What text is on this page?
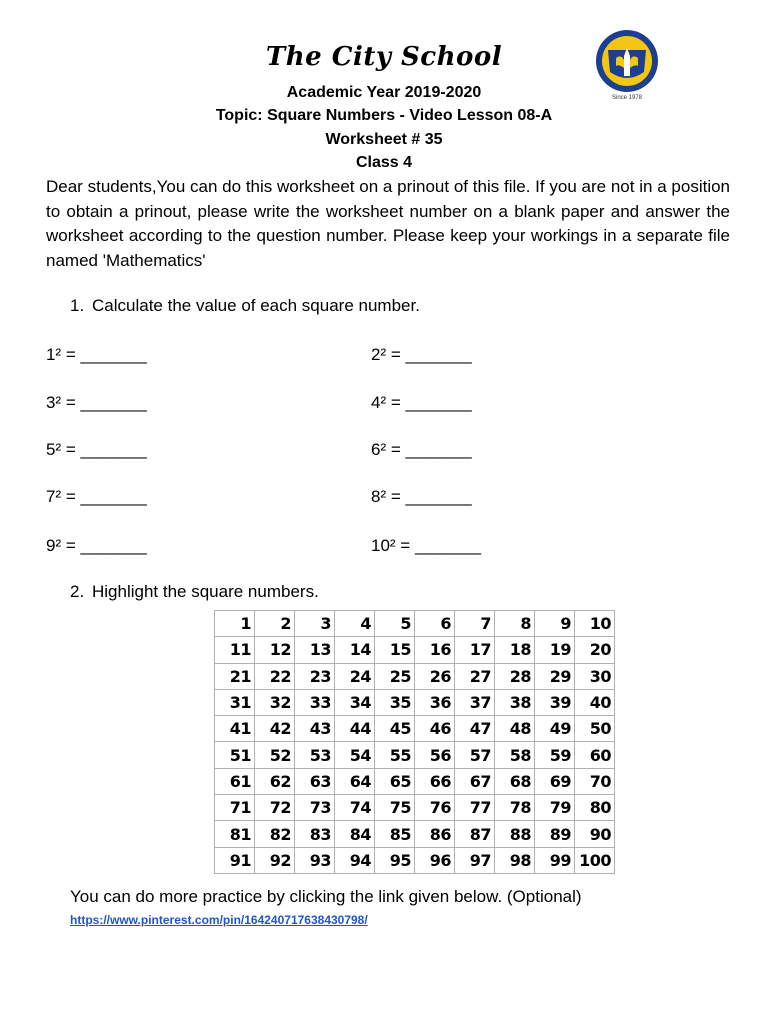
The City School
Since 1978
Academic Year 2019-2020
Topic: Square Numbers - Video Lesson 08-A
Worksheet # 35
Class 4
Dear students,You can do this worksheet on a prinout of this file. If you are not in a position to obtain a prinout, please write the worksheet number on a blank paper and answer the worksheet according to the question number. Please keep your workings in a separate file named 'Mathematics'
1. Calculate the value of each square number.
1² = _______	2² = _______
3² = _______	4² = _______
5² = _______	6² = _______
7² = _______	8² = _______
9² = _______	10² = _______
2. Highlight the square numbers.
1	2	3	4	5	6	7	8	9	10
11	12	13	14	15	16	17	18	19	20
21	22	23	24	25	26	27	28	29	30
31	32	33	34	35	36	37	38	39	40
41	42	43	44	45	46	47	48	49	50
51	52	53	54	55	56	57	58	59	60
61	62	63	64	65	66	67	68	69	70
71	72	73	74	75	76	77	78	79	80
81	82	83	84	85	86	87	88	89	90
91	92	93	94	95	96	97	98	99	100
You can do more practice by clicking the link given below. (Optional)
https://www.pinterest.com/pin/164240717638430798/
